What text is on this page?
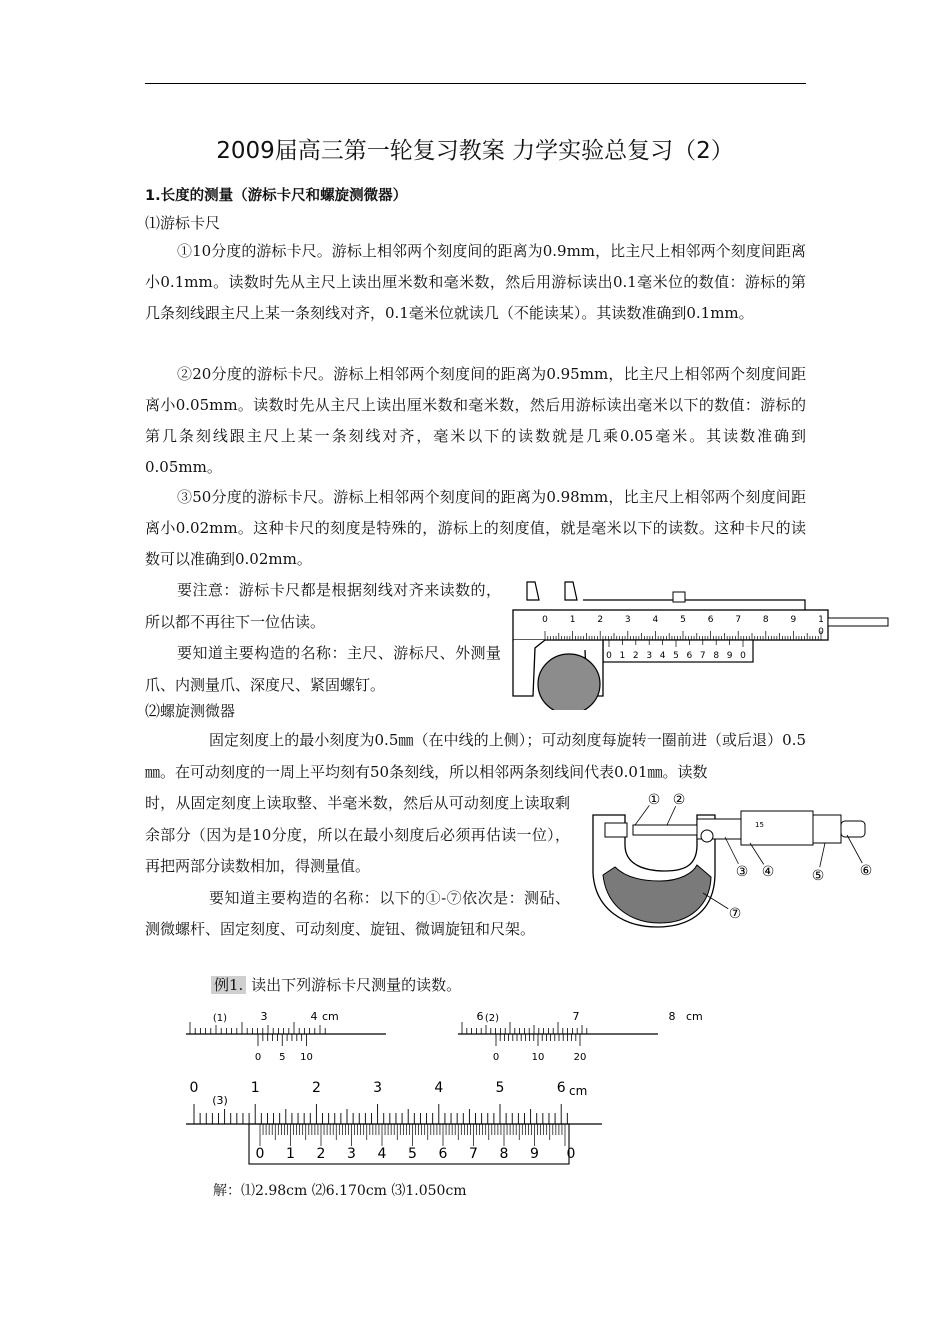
2009届高三第一轮复习教案 力学实验总复习（2）
1.长度的测量（游标卡尺和螺旋测微器）
⑴游标卡尺
①10分度的游标卡尺。游标上相邻两个刻度间的距离为0.9mm，比主尺上相邻两个刻度间距离小0.1mm。读数时先从主尺上读出厘米数和毫米数，然后用游标读出0.1毫米位的数值：游标的第几条刻线跟主尺上某一条刻线对齐，0.1毫米位就读几（不能读某）。其读数准确到0.1mm。
②20分度的游标卡尺。游标上相邻两个刻度间的距离为0.95mm，比主尺上相邻两个刻度间距离小0.05mm。读数时先从主尺上读出厘米数和毫米数，然后用游标读出毫米以下的数值：游标的第几条刻线跟主尺上某一条刻线对齐，毫米以下的读数就是几乘0.05毫米。其读数准确到0.05mm。
③50分度的游标卡尺。游标上相邻两个刻度间的距离为0.98mm，比主尺上相邻两个刻度间距离小0.02mm。这种卡尺的刻度是特殊的，游标上的刻度值，就是毫米以下的读数。这种卡尺的读数可以准确到0.02mm。

要注意：游标卡尺都是根据刻线对齐来读数的，所以都不再往下一位估读。

要知道主要构造的名称：主尺、游标尺、外测量爪、内测量爪、深度尺、紧固螺钉。

⑵螺旋测微器

固定刻度上的最小刻度为0.5㎜（在中线的上侧）；可动刻度每旋转一圈前进（或后退）0.5㎜。在可动刻度的一周上平均刻有50条刻线，所以相邻两条刻线间代表0.01㎜。读数

时，从固定刻度上读取整、半毫米数，然后从可动刻度上读取剩余部分（因为是10分度，所以在最小刻度后必须再估读一位），再把两部分读数相加，得测量值。

要知道主要构造的名称：以下的①-⑦依次是：测砧、测微螺杆、固定刻度、可动刻度、旋钮、微调旋钮和尺架。

0 1 2 3 4 5 6 7 8 9 1
0
0 1 2 3 4 5 6 7 8 9 0
15
① ②
③ ④	⑤	⑥
⑦
例1. 读出下列游标卡尺测量的读数。
(1)	3	4 cm
0 5 10
(2)
6	7	8 cm
0	10	20
0	1	2	3	4	5	6 cm
(3)
0 1 2 3 4 5 6 7 8 9 0
解：⑴2.98cm ⑵6.170cm ⑶1.050cm
